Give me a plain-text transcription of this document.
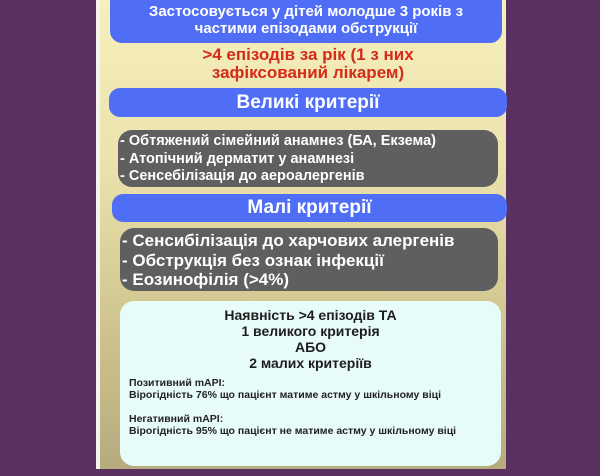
Застосовується у дітей молодше 3 років з
частими епізодами обструкції
>4 епізодів за рік (1 з них
зафіксований лікарем)
Великі критерії
- Обтяжений сімейний анамнез (БА, Екзема)
- Атопічний дерматит у анамнезі
- Сенсебілізація до аероалергенів
Малі критерії
- Сенсибілізація до харчових алергенів
- Обструкція без ознак інфекції
- Еозинофілія (>4%)
Наявність >4 епізодів ТА
1 великого критерія
АБО
2 малих критеріїв
Позитивний mAPI:
Вірогідність 76% що пацієнт матиме астму у шкільному віці
Негативний mAPI:
Вірогідність 95% що пацієнт не матиме астму у шкільному віці
